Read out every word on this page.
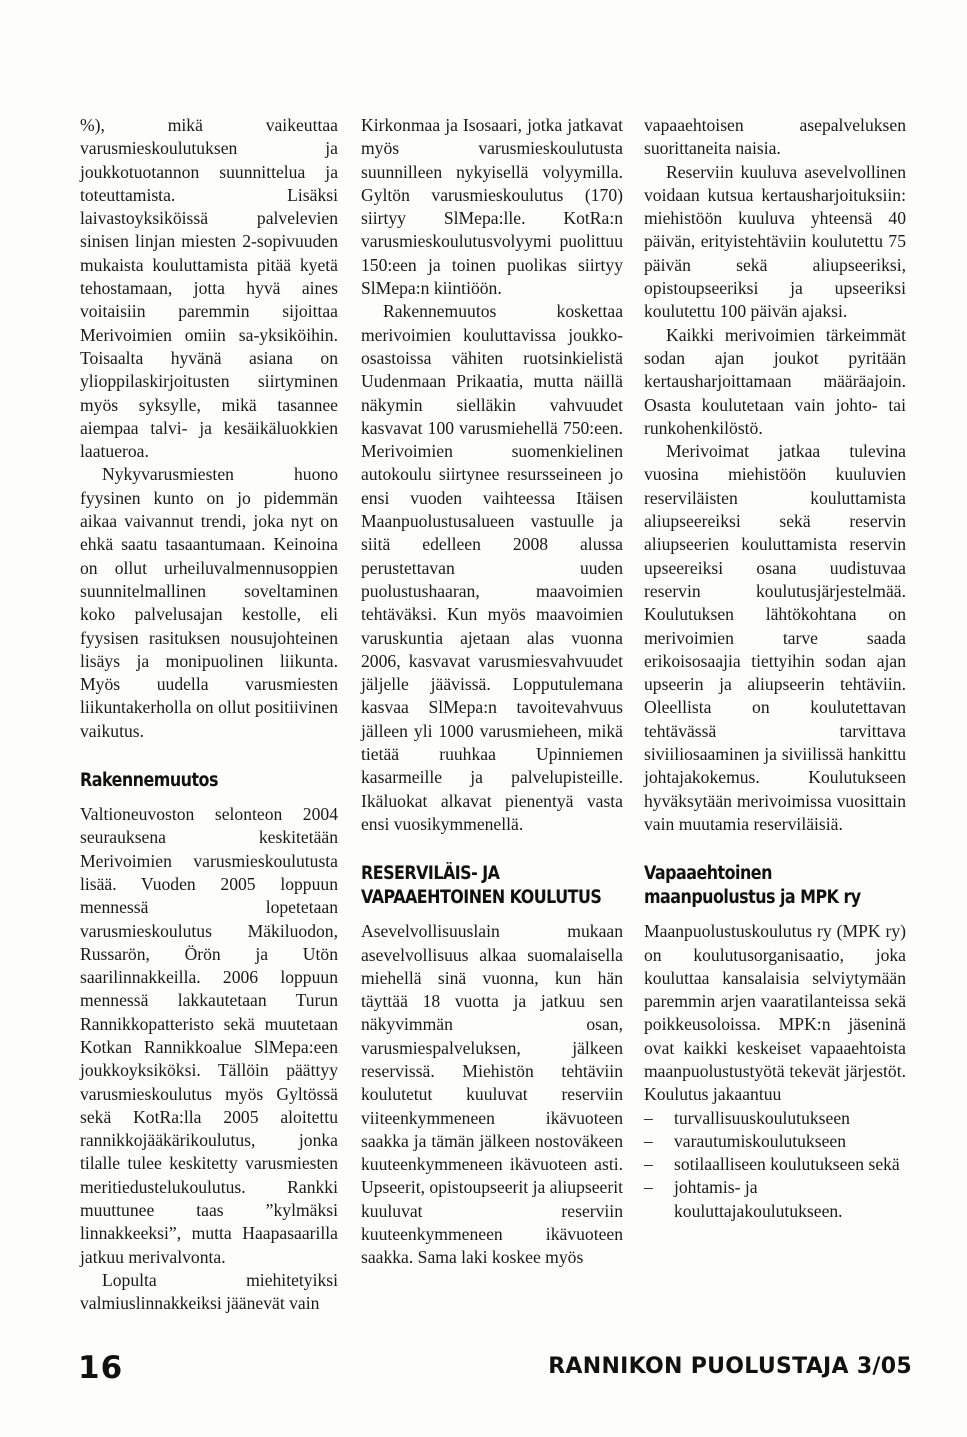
%), mikä vaikeuttaa varusmieskoulutuksen ja joukkotuotannon suunnittelua ja toteuttamista. Lisäksi laivastoyksiköissä palvelevien sinisen linjan miesten 2-sopivuuden mukaista kouluttamista pitää kyetä tehostamaan, jotta hyvä aines voitaisiin paremmin sijoittaa Merivoimien omiin sa-yksiköihin. Toisaalta hyvänä asiana on ylioppilaskirjoitusten siirtyminen myös syksylle, mikä tasannee aiempaa talvi- ja kesäikäluokkien laatueroa.

Nykyvarusmiesten huono fyysinen kunto on jo pidemmän aikaa vaivannut trendi, joka nyt on ehkä saatu tasaantumaan. Keinoina on ollut urheiluvalmennusoppien suunnitelmallinen soveltaminen koko palvelusajan kestolle, eli fyysisen rasituksen nousujohteinen lisäys ja monipuolinen liikunta. Myös uudella varusmiesten liikuntakerholla on ollut positiivinen vaikutus.

Rakennemuutos

Valtioneuvoston selonteon 2004 seurauksena keskitetään Merivoimien varusmieskoulutusta lisää. Vuoden 2005 loppuun mennessä lopetetaan varusmieskoulutus Mäkiluodon, Russarön, Örön ja Utön saarilinnakkeilla. 2006 loppuun mennessä lakkautetaan Turun Rannikkopatteristo sekä muutetaan Kotkan Rannikkoalue SlMepa:een joukkoyksiköksi. Tällöin päättyy varusmieskoulutus myös Gyltössä sekä KotRa:lla 2005 aloitettu rannikkojääkärikoulutus, jonka tilalle tulee keskitetty varusmiesten meritiedustelukoulutus. Rankki muuttunee taas ”kylmäksi linnakkeeksi”, mutta Haapasaarilla jatkuu merivalvonta.

Lopulta miehitetyiksi valmiuslinnakkeiksi jäänevät vain

Kirkonmaa ja Isosaari, jotka jatkavat myös varusmieskoulutusta suunnilleen nykyisellä volyymilla. Gyltön varusmieskoulutus (170) siirtyy SlMepa:lle. KotRa:n varusmieskoulutusvolyymi puolittuu 150:een ja toinen puolikas siirtyy SlMepa:n kiintiöön.

Rakennemuutos koskettaa merivoimien kouluttavissa joukko-osastoissa vähiten ruotsinkielistä Uudenmaan Prikaatia, mutta näillä näkymin sielläkin vahvuudet kasvavat 100 varusmiehellä 750:een. Merivoimien suomenkielinen autokoulu siirtynee resursseineen jo ensi vuoden vaihteessa Itäisen Maanpuolustusalueen vastuulle ja siitä edelleen 2008 alussa perustettavan uuden puolustushaaran, maavoimien tehtäväksi. Kun myös maavoimien varuskuntia ajetaan alas vuonna 2006, kasvavat varusmiesvahvuudet jäljelle jäävissä. Lopputulemana kasvaa SlMepa:n tavoitevahvuus jälleen yli 1000 varusmieheen, mikä tietää ruuhkaa Upinniemen kasarmeille ja palvelupisteille. Ikäluokat alkavat pienentyä vasta ensi vuosikymmenellä.

RESERVILÄIS- JA
VAPAAEHTOINEN KOULUTUS

Asevelvollisuuslain mukaan asevelvollisuus alkaa suomalaisella miehellä sinä vuonna, kun hän täyttää 18 vuotta ja jatkuu sen näkyvimmän osan, varusmiespalveluksen, jälkeen reservissä. Miehistön tehtäviin koulutetut kuuluvat reserviin viiteenkymmeneen ikävuoteen saakka ja tämän jälkeen nostoväkeen kuuteenkymmeneen ikävuoteen asti. Upseerit, opistoupseerit ja aliupseerit kuuluvat reserviin kuuteenkymmeneen ikävuoteen saakka. Sama laki koskee myös

vapaaehtoisen asepalveluksen suorittaneita naisia.

Reserviin kuuluva asevelvollinen voidaan kutsua kertausharjoituksiin: miehistöön kuuluva yhteensä 40 päivän, erityistehtäviin koulutettu 75 päivän sekä aliupseeriksi, opistoupseeriksi ja upseeriksi koulutettu 100 päivän ajaksi.

Kaikki merivoimien tärkeimmät sodan ajan joukot pyritään kertausharjoittamaan määräajoin. Osasta koulutetaan vain johto- tai runkohenkilöstö.

Merivoimat jatkaa tulevina vuosina miehistöön kuuluvien reserviläisten kouluttamista aliupseereiksi sekä reservin aliupseerien kouluttamista reservin upseereiksi osana uudistuvaa reservin koulutusjärjestelmää. Koulutuksen lähtökohtana on merivoimien tarve saada erikoisosaajia tiettyihin sodan ajan upseerin ja aliupseerin tehtäviin. Oleellista on koulutettavan tehtävässä tarvittava siviiliosaaminen ja siviilissä hankittu johtajakokemus. Koulutukseen hyväksytään merivoimissa vuosittain vain muutamia reserviläisiä.

Vapaaehtoinen
maanpuolustus ja MPK ry

Maanpuolustuskoulutus ry (MPK ry) on koulutusorganisaatio, joka kouluttaa kansalaisia selviytymään paremmin arjen vaaratilanteissa sekä poikkeusoloissa. MPK:n jäseninä ovat kaikki keskeiset vapaaehtoista maanpuolustustyötä tekevät järjestöt. Koulutus jakaantuu

– turvallisuuskoulutukseen
– varautumiskoulutukseen
– sotilaalliseen koulutukseen sekä
– johtamis- ja kouluttajakoulutukseen.
16	RANNIKON PUOLUSTAJA 3/05
